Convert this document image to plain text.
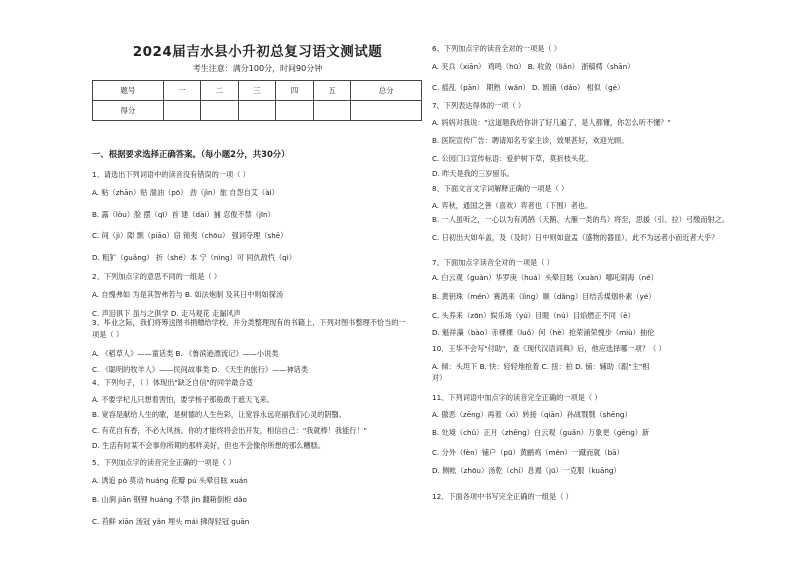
2024届吉水县小升初总复习语文测试题
考生注意：满分100分，时间90分钟
题号	一	二	三	四	五	总分
得分						
一、根据要求选择正确答案。（每小题2分，共30分）
1、请选出下列词语中的读音没有错误的一项（ ）
A. 粘（zhān）贴 湍油（pō） 劲（jìn）旅 自怨自艾（ài）
B. 露（lòu）脸 摆（qī）首 建（dài）捕 忍俊不禁（jīn）
C. 间（jì）隙 剽（piāo）窃 锦夷（chōu） 强词夺理（shē）
D. 粗犷（guǎng） 折（shé）本 宁（nìng）可 同仇敌忾（qì）
2、下列加点字的意思不同的一组是（ ）
A. 自愧弗如 为是其智弗若与 B. 如法炮制 及其日中则如探汤
C. 声泪俱下 虽与之俱学 D. 走马观花 走漏风声
3、毕业之际，我们将筹送图书捐赠给学校，并分类整理现有的书籍上，下列对图书整理不恰当的一
项是（ ）
A. 《稻草人》——童话类 B. 《鲁滨逊漂流记》——小说类
C. 《聪明的牧羊人》——民间故事类 D. 《天生的旅行》——神话类
4、下列句子，（ ）体现出"缺乏自信"的同学最合适
A. 不要学杞儿只想着害怕，要学杨子那般敢于遮天飞来。
B. 宽容是献给人生的歌，是树德的人生色彩，让宽容永远亮丽我们心灵的阴翳。
C. 有花自有香，不必大风扬。你的才能终将会出开发，相信自己："我就棒！我能行！"
D. 生活有时某不会事你所期的那样美好，但也不会像你所想的那么糟糕。
5、下列加点字的读音完全正确的一项是（ ）
A. 诱追 pò 莫动 huáng 花瓣 pú 头晕目眩 xuán
B. 山涧 jiān 钢锂 huáng 不禁 jìn 翻箱倒柜 dǎo
C. 苔鲜 xiān 汤冠 yǎn 埋头 mái 拂得轻冠 guān
6、下列加点字的读音全对的一项是（ ）
A. 夹兵（xiān） 鸡鸣（hū） B. 收敛（liǎn） 浙稿樗（shān）
C. 摇乱（pān） 期熟（wǎn） D. 圆涌（dǎo） 相似（gé）
7、下列表达得体的一项（ ）
A. 妈妈对我说："这道题我给你讲了好几遍了，是人都懂，你怎么听不懂？"
B. 医院宣传广告：聘请知名专家主诊，效果甚好，欢迎光顾。
C. 公园门口宣传标语：爱护树下草，莫折枝头花。
D. 昨天是我的三岁留乐。
8、下面文言文字词解释正确的一项是（ ）
A. 弈秋，通国之善（喜欢）弈者也（下围）者也。
B. 一人虽听之，一心以为有鸿鹄（天鹅、大雁一类的鸟）将至，思援（引、拉）弓缴而射之。
C. 日初出大如车盖，及（及时）日中则如盘盂（盛物的器皿），此不为远者小而近者大乎？
7、下面加点字读音全对的一项是（ ）
A. 白云观（guàn）华罗庚（huá）头晕目眩（xuàn）哪吒闹海（né）
B. 黄钥珠（mén）赛鸽来（lìng）顺（dǎng）目结舌煤烟朴素（yé）
C. 头养来（zōn）娱乐场（yú）目瞪（nú）目焰燃正不同（ē）
D. 魁祥藻（bào）赤裸裸（luǒ）何（hè）抢荣涌荣愧步（miù）抽伦
10、王华不会写"付助"，查《现代汉语词典》后，他应选择哪一项？（ ）
A. 倾：头坦下 B. 快：轻轻地抢着 C. 扭：拍 D. 铺：辅助（跟"主"相
对）
11、下列词语中加点字的读音完全正确的一项是（ ）
A. 傲恶（zēng）再着（xì）转接（qiān）孙战戮戮（shēng）
B. 处境（chǔ）正月（zhēng）白云观（guān）万象更（gēng）新
C. 分外（fèn）铺户（pū）黄鹂鸡（měn）一蹴而就（bā）
D. 侧帐（zhōu）汤乾（chí）息遏（jū）一克服（kuāng）
12、下面各项中书写完全正确的一组是（ ）
